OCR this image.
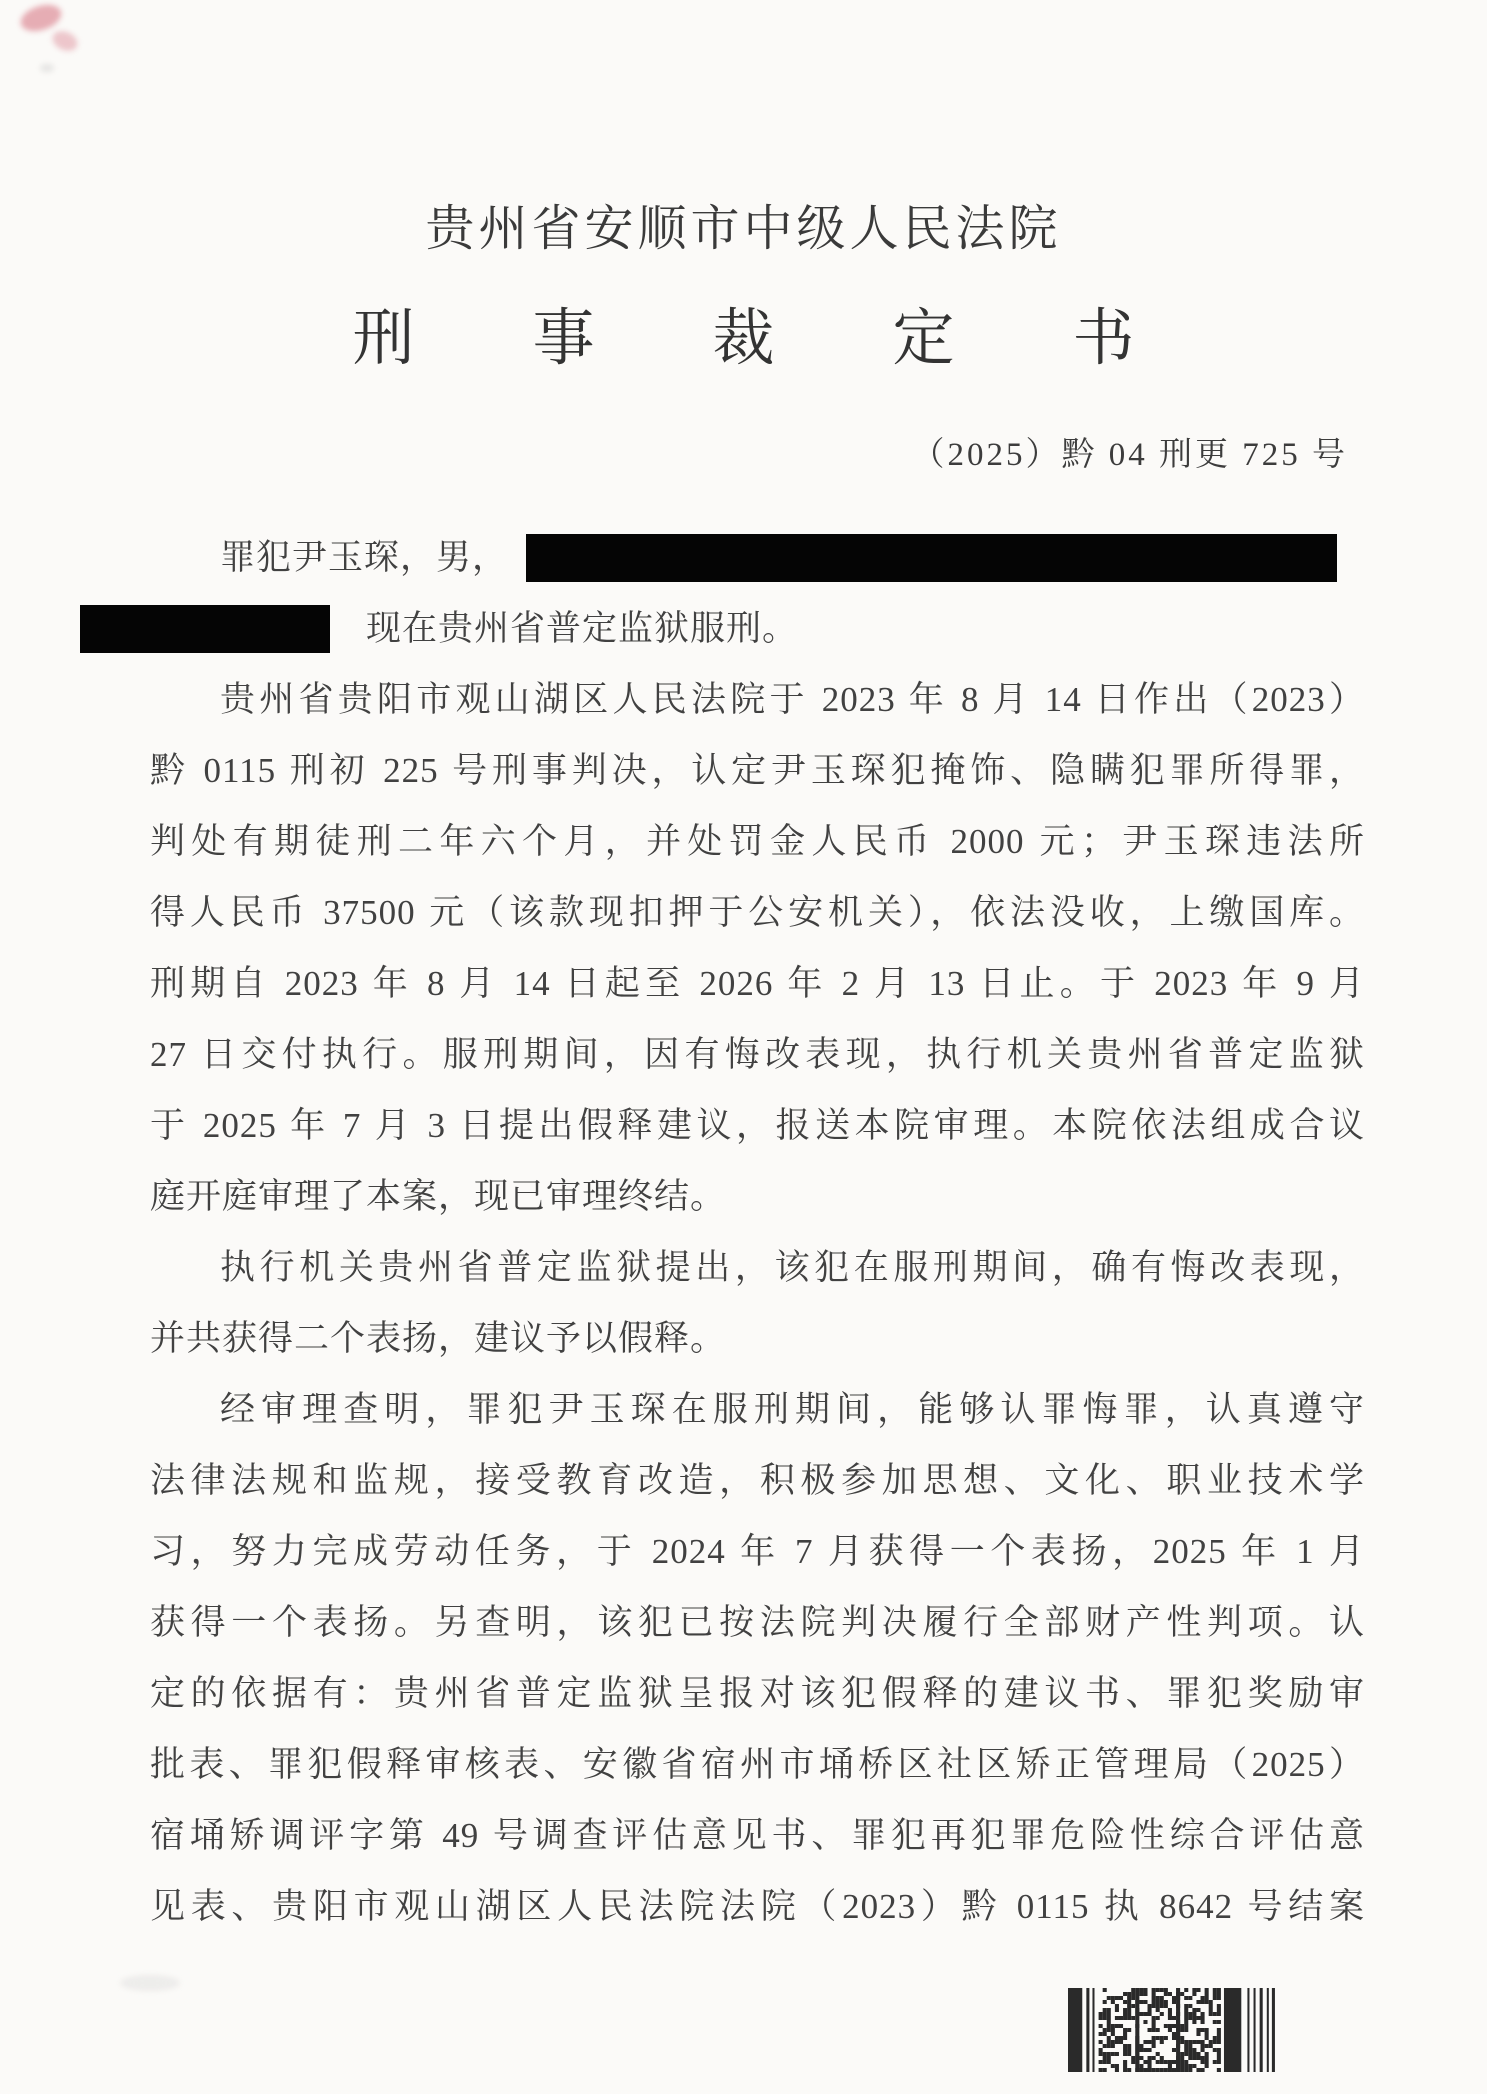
贵州省安顺市中级人民法院
刑事裁定书
（2025）黔 04 刑更 725 号
罪犯尹玉琛，男，
现在贵州省普定监狱服刑。
贵州省贵阳市观山湖区人民法院于 2023 年 8 月 14 日作出（2023）
黔 0115 刑初 225 号刑事判决，认定尹玉琛犯掩饰、隐瞒犯罪所得罪，
判处有期徒刑二年六个月，并处罚金人民币 2000 元；尹玉琛违法所
得人民币 37500 元（该款现扣押于公安机关），依法没收，上缴国库。
刑期自 2023 年 8 月 14 日起至 2026 年 2 月 13 日止。于 2023 年 9 月
27 日交付执行。服刑期间，因有悔改表现，执行机关贵州省普定监狱
于 2025 年 7 月 3 日提出假释建议，报送本院审理。本院依法组成合议
庭开庭审理了本案，现已审理终结。
执行机关贵州省普定监狱提出，该犯在服刑期间，确有悔改表现，
并共获得二个表扬，建议予以假释。
经审理查明，罪犯尹玉琛在服刑期间，能够认罪悔罪，认真遵守
法律法规和监规，接受教育改造，积极参加思想、文化、职业技术学
习，努力完成劳动任务，于 2024 年 7 月获得一个表扬，2025 年 1 月
获得一个表扬。另查明，该犯已按法院判决履行全部财产性判项。认
定的依据有：贵州省普定监狱呈报对该犯假释的建议书、罪犯奖励审
批表、罪犯假释审核表、安徽省宿州市埇桥区社区矫正管理局（2025）
宿埇矫调评字第 49 号调查评估意见书、罪犯再犯罪危险性综合评估意
见表、贵阳市观山湖区人民法院法院（2023）黔 0115 执 8642 号结案
